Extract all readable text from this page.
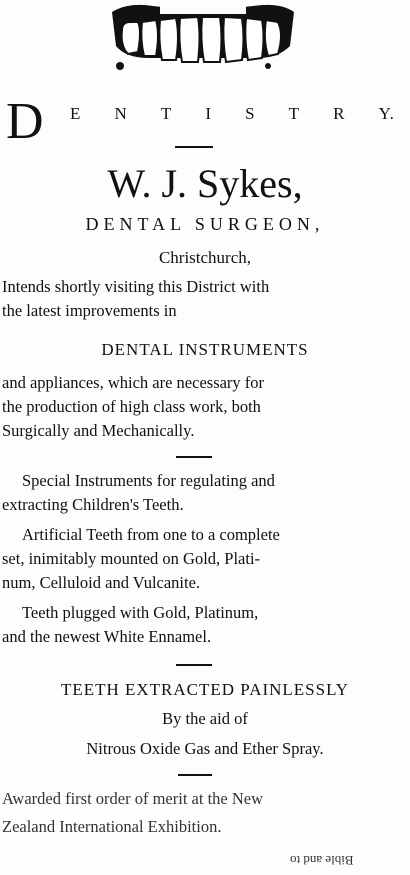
D E N T I S T R Y.
W. J. Sykes,
DENTAL SURGEON,
Christchurch,
Intends shortly visiting this District with
the latest improvements in
DENTAL INSTRUMENTS
and appliances, which are necessary for
the production of high class work, both
Surgically and Mechanically.
Special Instruments for regulating and
extracting Children's Teeth.
Artificial Teeth from one to a complete
set, inimitably mounted on Gold, Plati-
num, Celluloid and Vulcanite.
Teeth plugged with Gold, Platinum,
and the newest White Ennamel.
TEETH EXTRACTED PAINLESSLY
By the aid of
Nitrous Oxide Gas and Ether Spray.
Awarded first order of merit at the New
Zealand International Exhibition.
Bible and to
